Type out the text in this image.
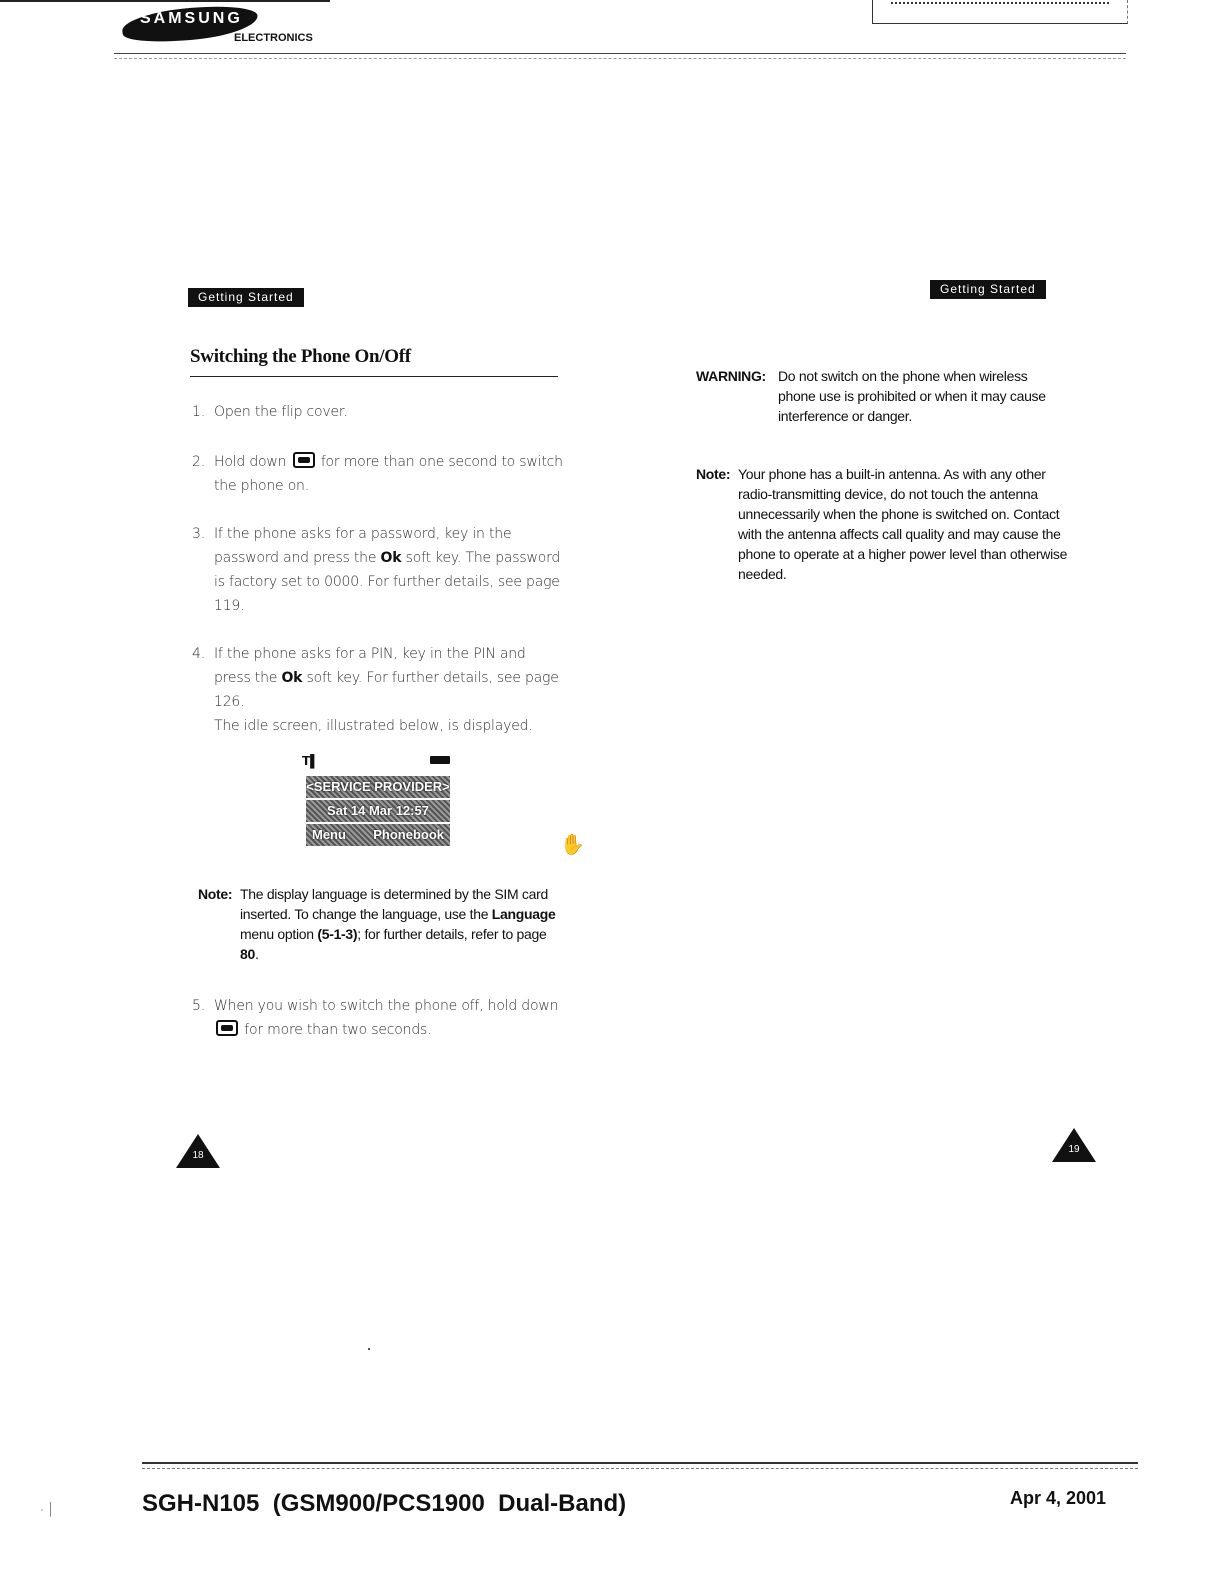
SAMSUNG
ELECTRONICS
Getting Started
Getting Started
Switching the Phone On/Off
1. Open the flip cover.
2. Hold down for more than one second to switch the phone on.
3. If the phone asks for a password, key in the password and press the Ok soft key. The password is factory set to 0000. For further details, see page 119.
4. If the phone asks for a PIN, key in the PIN and press the Ok soft key. For further details, see page 126.
The idle screen, illustrated below, is displayed.
𝗧▌
<SERVICE PROVIDER>
Sat 14 Mar 12:57
Menu Phonebook	✋
Note: The display language is determined by the SIM card inserted. To change the language, use the Language menu option (5-1-3); for further details, refer to page 80.
5. When you wish to switch the phone off, hold down
for more than two seconds.
WARNING: Do not switch on the phone when wireless phone use is prohibited or when it may cause interference or danger.
Note: Your phone has a built-in antenna. As with any other radio-transmitting device, do not touch the antenna unnecessarily when the phone is switched on. Contact with the antenna affects call quality and may cause the phone to operate at a higher power level than otherwise needed.
18
19
· │	SGH-N105  (GSM900/PCS1900  Dual-Band)	Apr 4, 2001
